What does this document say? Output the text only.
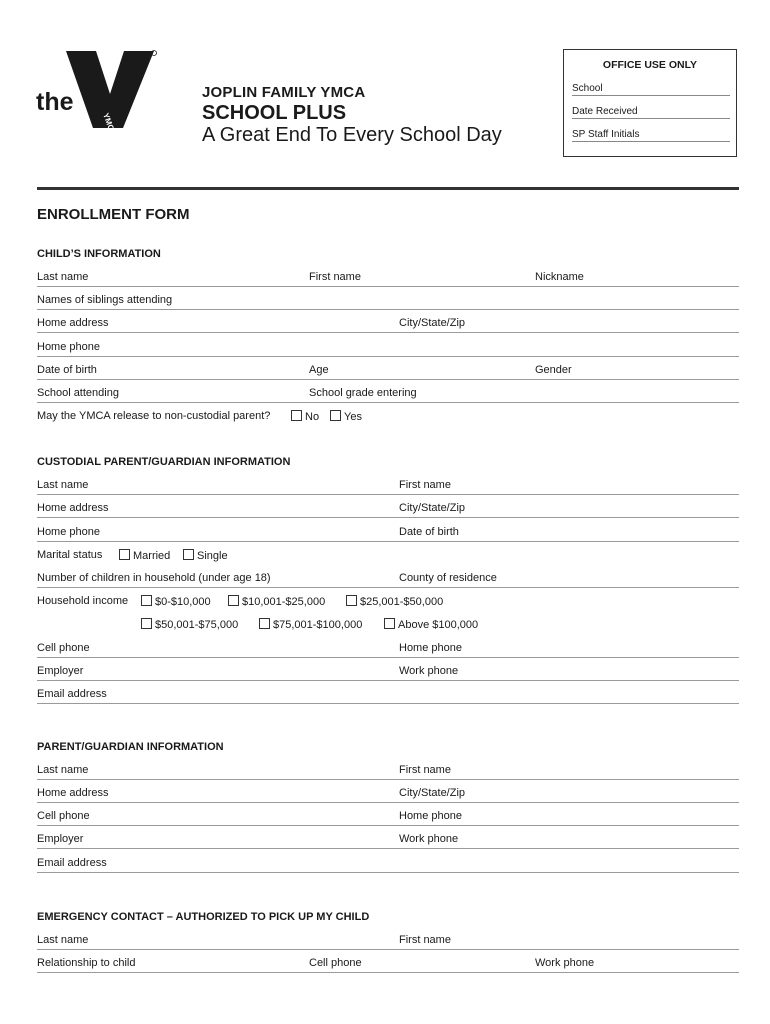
the
YMCA
JOPLIN FAMILY YMCA
SCHOOL PLUS
A Great End To Every School Day
OFFICE USE ONLY
School
Date Received
SP Staff Initials
ENROLLMENT FORM
CHILD’S INFORMATION
Last name	First name	Nickname
Names of siblings attending
Home address	City/State/Zip
Home phone
Date of birth	Age	Gender
School attending	School grade entering
May the YMCA release to non-custodial parent?	No	Yes
CUSTODIAL PARENT/GUARDIAN INFORMATION
Last name	First name
Home address	City/State/Zip
Home phone	Date of birth
Marital status	Married	Single
Number of children in household (under age 18)	County of residence
Household income	$0-$10,000	$10,001-$25,000	$25,001-$50,000
$50,001-$75,000	$75,001-$100,000	Above $100,000
Cell phone	Home phone
Employer	Work phone
Email address
PARENT/GUARDIAN INFORMATION
Last name	First name
Home address	City/State/Zip
Cell phone	Home phone
Employer	Work phone
Email address
EMERGENCY CONTACT – AUTHORIZED TO PICK UP MY CHILD
Last name	First name
Relationship to child	Cell phone	Work phone
